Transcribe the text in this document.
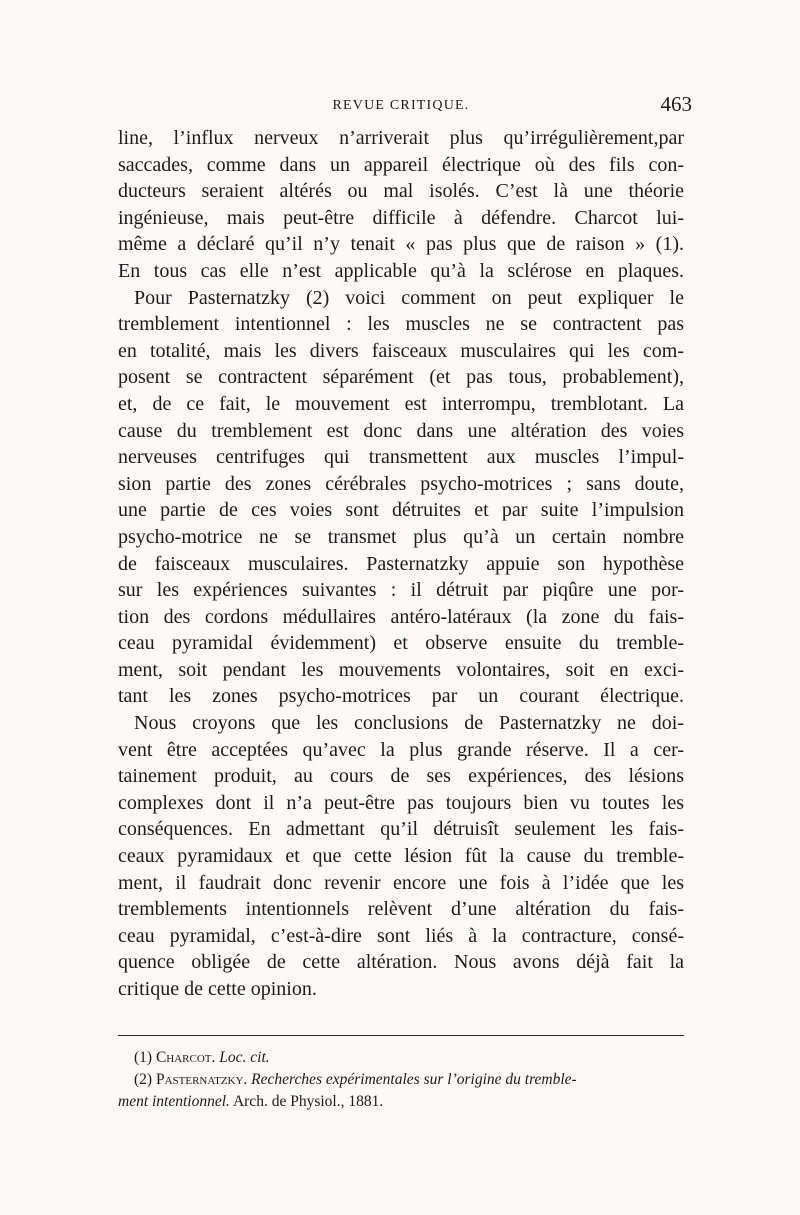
REVUE CRITIQUE.	463

line, l’influx nerveux n’arriverait plus qu’irrégulièrement,par
saccades, comme dans un appareil électrique où des fils con-
ducteurs seraient altérés ou mal isolés. C’est là une théorie
ingénieuse, mais peut-être difficile à défendre. Charcot lui-
même a déclaré qu’il n’y tenait « pas plus que de raison » (1).
En tous cas elle n’est applicable qu’à la sclérose en plaques.

Pour Pasternatzky (2) voici comment on peut expliquer le
tremblement intentionnel : les muscles ne se contractent pas
en totalité, mais les divers faisceaux musculaires qui les com-
posent se contractent séparément (et pas tous, probablement),
et, de ce fait, le mouvement est interrompu, tremblotant. La
cause du tremblement est donc dans une altération des voies
nerveuses centrifuges qui transmettent aux muscles l’impul-
sion partie des zones cérébrales psycho-motrices ; sans doute,
une partie de ces voies sont détruites et par suite l’impulsion
psycho-motrice ne se transmet plus qu’à un certain nombre
de faisceaux musculaires. Pasternatzky appuie son hypothèse
sur les expériences suivantes : il détruit par piqûre une por-
tion des cordons médullaires antéro-latéraux (la zone du fais-
ceau pyramidal évidemment) et observe ensuite du tremble-
ment, soit pendant les mouvements volontaires, soit en exci-
tant les zones psycho-motrices par un courant électrique.

Nous croyons que les conclusions de Pasternatzky ne doi-
vent être acceptées qu’avec la plus grande réserve. Il a cer-
tainement produit, au cours de ses expériences, des lésions
complexes dont il n’a peut-être pas toujours bien vu toutes les
conséquences. En admettant qu’il détruisît seulement les fais-
ceaux pyramidaux et que cette lésion fût la cause du tremble-
ment, il faudrait donc revenir encore une fois à l’idée que les
tremblements intentionnels relèvent d’une altération du fais-
ceau pyramidal, c’est-à-dire sont liés à la contracture, consé-
quence obligée de cette altération. Nous avons déjà fait la
critique de cette opinion.

(1) Charcot. Loc. cit.
(2) Pasternatzky. Recherches expérimentales sur l’origine du tremble-
ment intentionnel. Arch. de Physiol., 1881.
